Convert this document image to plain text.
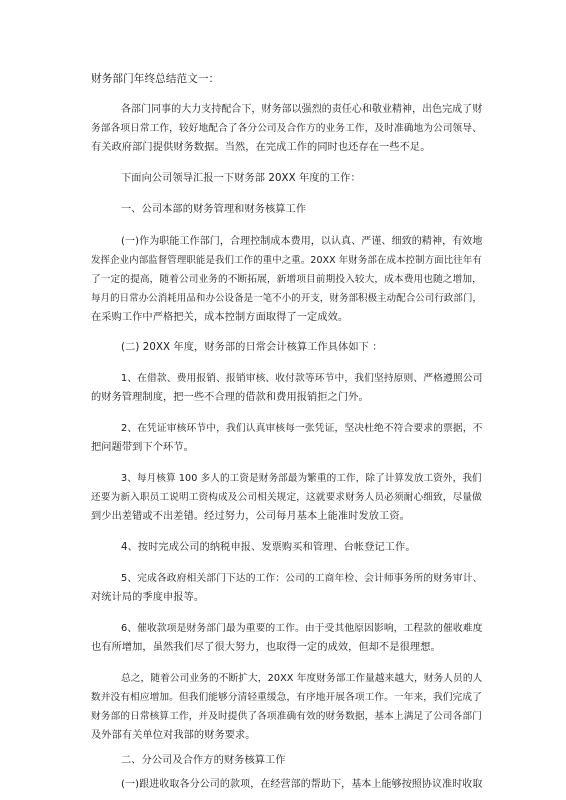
财务部门年终总结范文一：
各部门同事的大力支持配合下，财务部以强烈的责任心和敬业精神，出色完成了财
务部各项日常工作，较好地配合了各分公司及合作方的业务工作，及时准确地为公司领导、
有关政府部门提供财务数据。当然，在完成工作的同时也还存在一些不足。
下面向公司领导汇报一下财务部 20XX 年度的工作：
一、公司本部的财务管理和财务核算工作
(一)作为职能工作部门，合理控制成本费用，以认真、严谨、细致的精神，有效地
发挥企业内部监督管理职能是我们工作的重中之重。20XX 年财务部在成本控制方面比往年有
了一定的提高，随着公司业务的不断拓展，新增项目前期投入较大，成本费用也随之增加，
每月的日常办公消耗用品和办公设备是一笔不小的开支，财务部积极主动配合公司行政部门，
在采购工作中严格把关，成本控制方面取得了一定成效。
(二) 20XX 年度，财务部的日常会计核算工作具体如下 ：
1、在借款、费用报销、报销审核、收付款等环节中，我们坚持原则、严格遵照公司
的财务管理制度，把一些不合理的借款和费用报销拒之门外。
2、在凭证审核环节中，我们认真审核每一张凭证，坚决杜绝不符合要求的票据，不
把问题带到下个环节。
3、每月核算 100 多人的工资是财务部最为繁重的工作，除了计算发放工资外，我们
还要为新入职员工说明工资构成及公司相关规定，这就要求财务人员必须耐心细致，尽量做
到少出差错或不出差错。经过努力，公司每月基本上能准时发放工资。
4、按时完成公司的纳税申报、发票购买和管理、台帐登记工作。
5、完成各政府相关部门下达的工作：公司的工商年检、会计师事务所的财务审计、
对统计局的季度申报等。
6、催收款项是财务部门最为重要的工作。由于受其他原因影响，工程款的催收难度
也有所增加，虽然我们尽了很大努力，也取得一定的成效，但却不是很理想。
总之，随着公司业务的不断扩大，20XX 年度财务部工作量越来越大，财务人员的人
数并没有相应增加。但我们能够分清轻重缓急，有序地开展各项工作。一年来，我们完成了
财务部的日常核算工作，并及时提供了各项准确有效的财务数据，基本上满足了公司各部门
及外部有关单位对我部的财务要求。
二、分公司及合作方的财务核算工作
(一)跟进收取各分公司的款项，在经营部的帮助下，基本上能够按照协议准时收取
